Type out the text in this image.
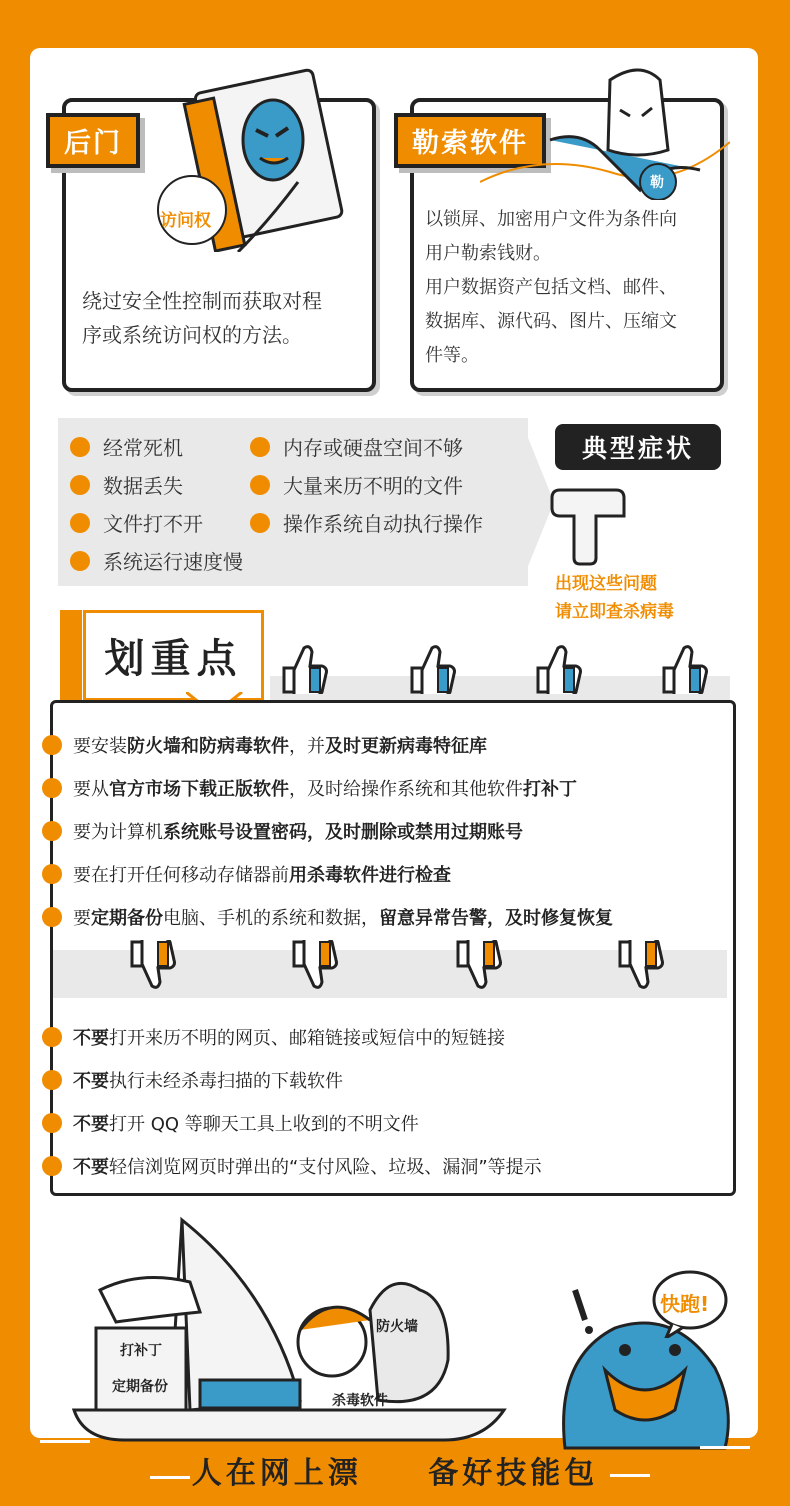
后门
访问权
绕过安全性控制而获取对程
序或系统访问权的方法。
勒索软件
勒
以锁屏、加密用户文件为条件向
用户勒索钱财。
用户数据资产包括文档、邮件、
数据库、源代码、图片、压缩文
件等。
经常死机
数据丢失
文件打不开
系统运行速度慢
内存或硬盘空间不够
大量来历不明的文件
操作系统自动执行操作
典型症状
出现这些问题
请立即查杀病毒
划重点
要安装防火墙和防病毒软件，并及时更新病毒特征库
要从官方市场下载正版软件，及时给操作系统和其他软件打补丁
要为计算机系统账号设置密码，及时删除或禁用过期账号
要在打开任何移动存储器前用杀毒软件进行检查
要定期备份电脑、手机的系统和数据，留意异常告警，及时修复恢复
不要打开来历不明的网页、邮箱链接或短信中的短链接
不要执行未经杀毒扫描的下载软件
不要打开 QQ 等聊天工具上收到的不明文件
不要轻信浏览网页时弹出的“支付风险、垃圾、漏洞”等提示
打补丁
定期备份
防火墙
杀毒软件
快跑!
人在网上漂 备好技能包
